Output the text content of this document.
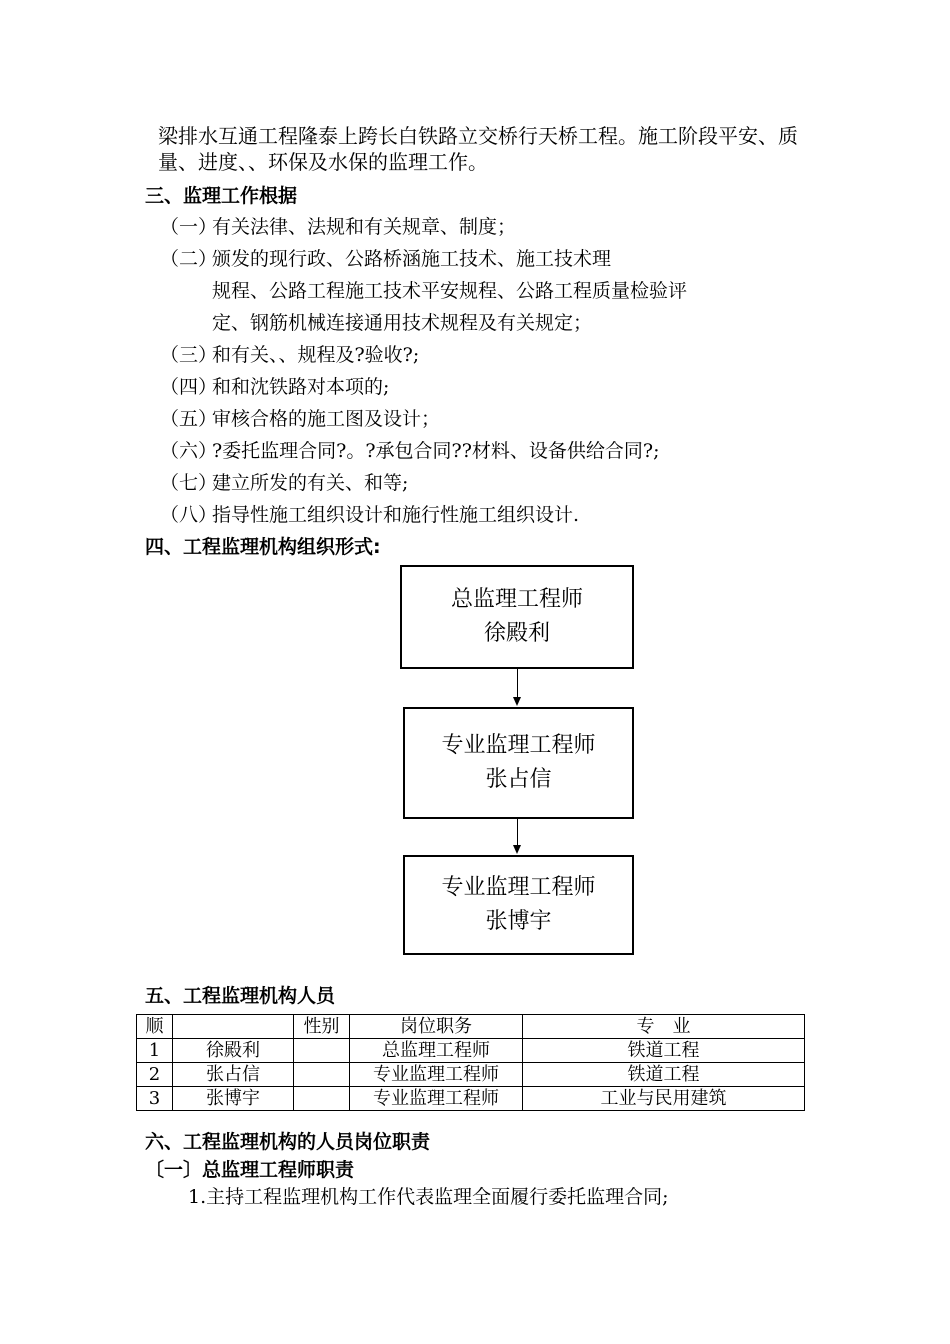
梁排水互通工程隆泰上跨长白铁路立交桥行天桥工程。施工阶段平安、质
量、进度、、环保及水保的监理工作。
三、监理工作根据
（一）有关法律、法规和有关规章、制度；
（二）颁发的现行政、公路桥涵施工技术、施工技术理
规程、公路工程施工技术平安规程、公路工程质量检验评
定、钢筋机械连接通用技术规程及有关规定；
（三）和有关、、规程及?验收?;
（四）和和沈铁路对本项的;
（五）审核合格的施工图及设计；
（六）?委托监理合同?。?承包合同??材料、设备供给合同?;
（七）建立所发的有关、和等;
（八）指导性施工组织设计和施行性施工组织设计.
四、工程监理机构组织形式:
总监理工程师
徐殿利
专业监理工程师
张占信
专业监理工程师
张博宇
五、工程监理机构人员
顺		性别	岗位职务	专　业
1	徐殿利		总监理工程师	铁道工程
2	张占信		专业监理工程师	铁道工程
3	张博宇		专业监理工程师	工业与民用建筑
六、工程监理机构的人员岗位职责
〔一〕总监理工程师职责
1.主持工程监理机构工作代表监理全面履行委托监理合同;
